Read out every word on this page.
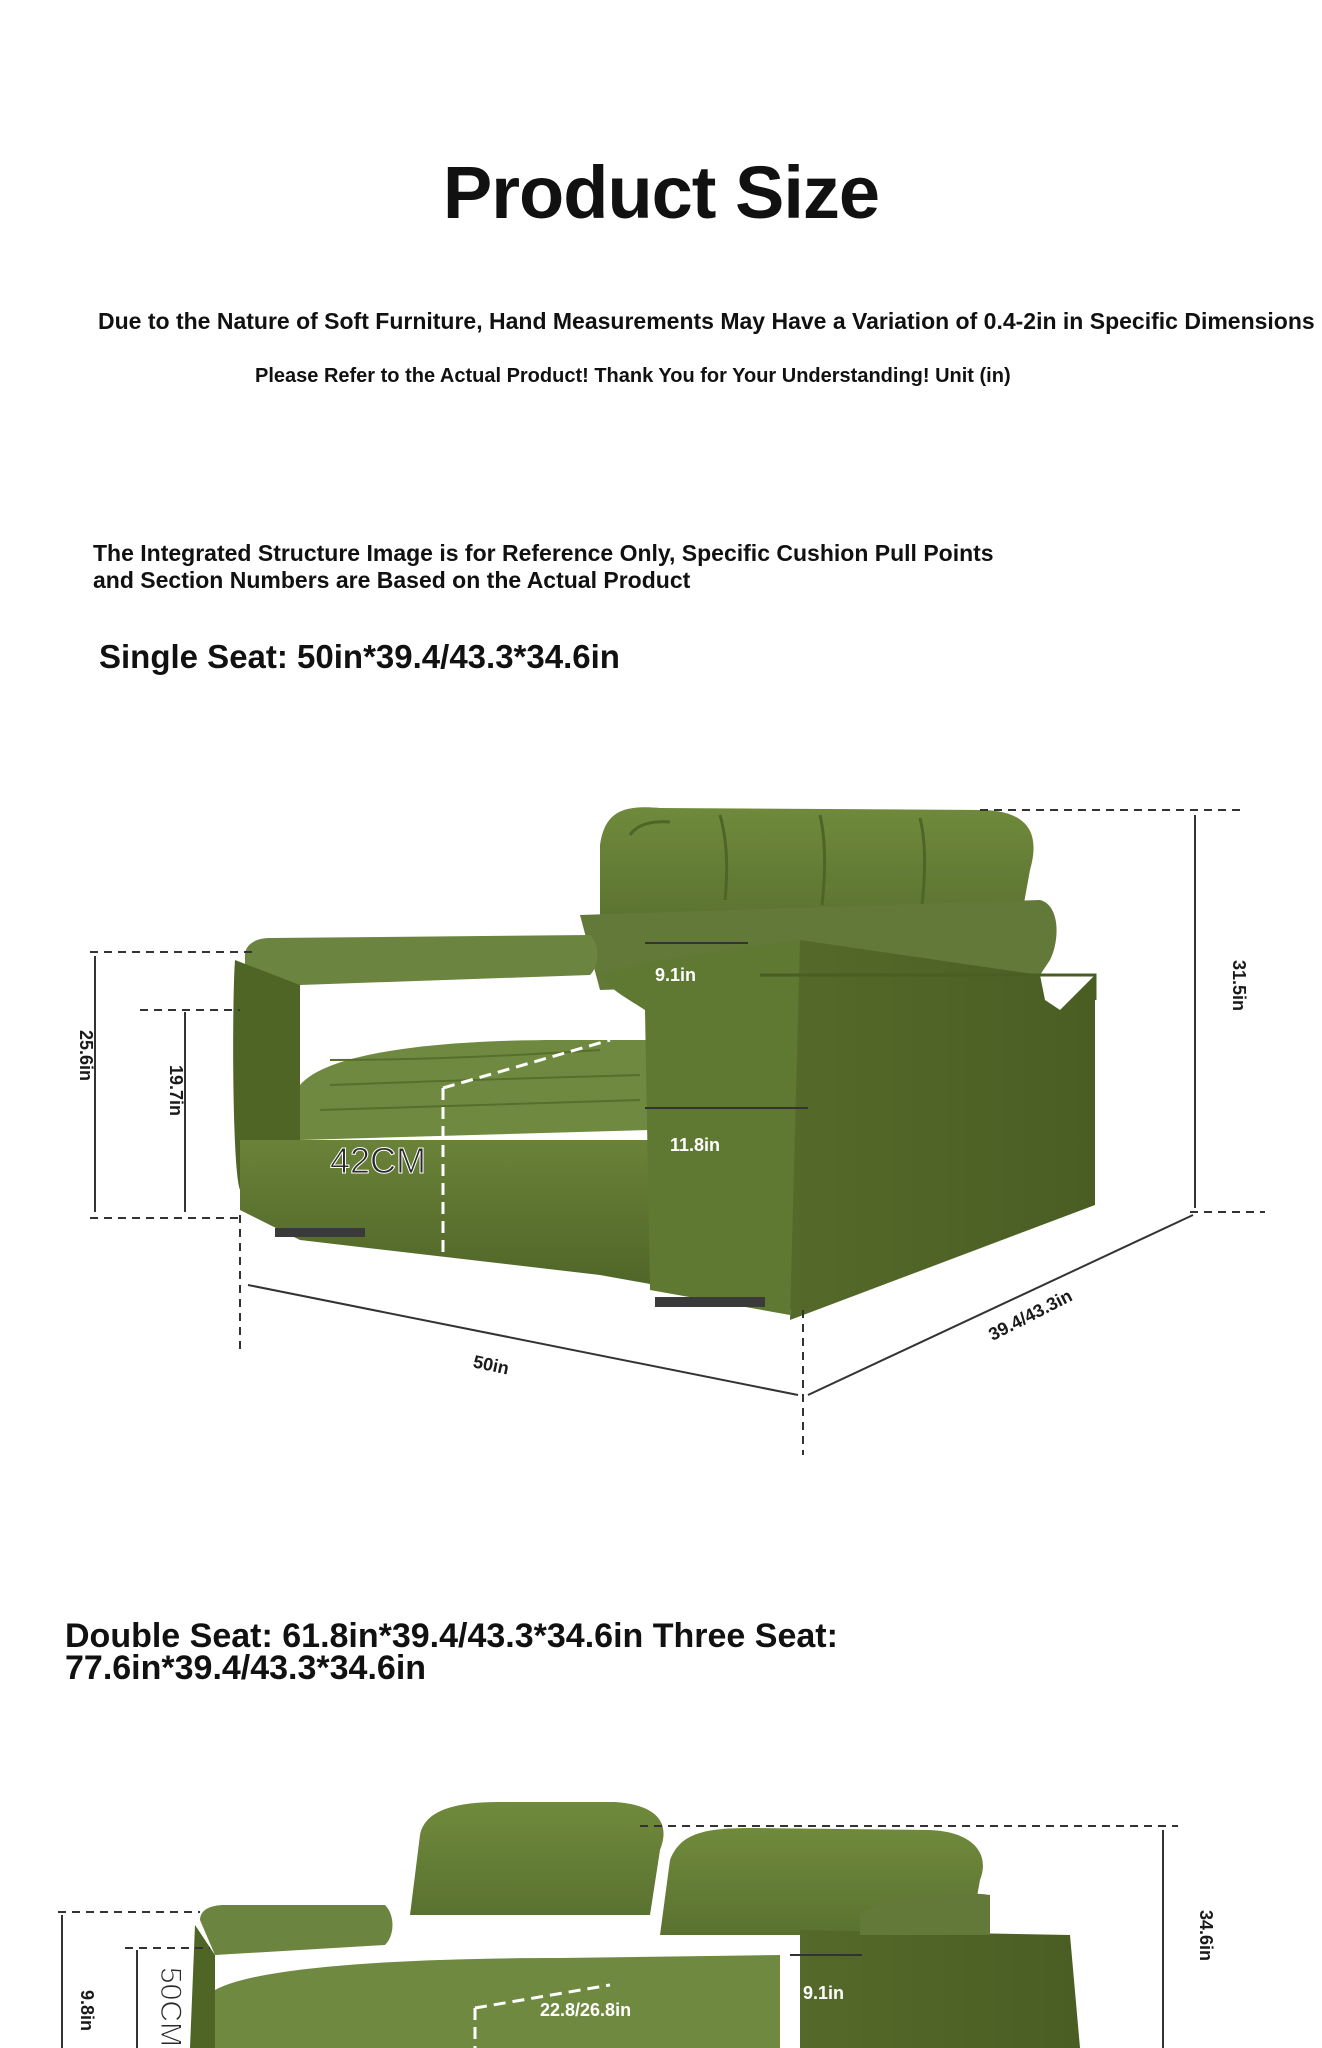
Product Size
Due to the Nature of Soft Furniture, Hand Measurements May Have a Variation of 0.4-2in in Specific Dimensions
Please Refer to the Actual Product! Thank You for Your Understanding! Unit (in)
The Integrated Structure Image is for Reference Only, Specific Cushion Pull Points and Section Numbers are Based on the Actual Product
Single Seat: 50in*39.4/43.3*34.6in
31.5in
25.6in
19.7in
50in
39.4/43.3in
9.1in
22.8/26.8in
11.8in
42CM
Double Seat: 61.8in*39.4/43.3*34.6in Three Seat: 77.6in*39.4/43.3*34.6in
34.6in
9.8in 50CM	9.1in
22.8/26.8in
